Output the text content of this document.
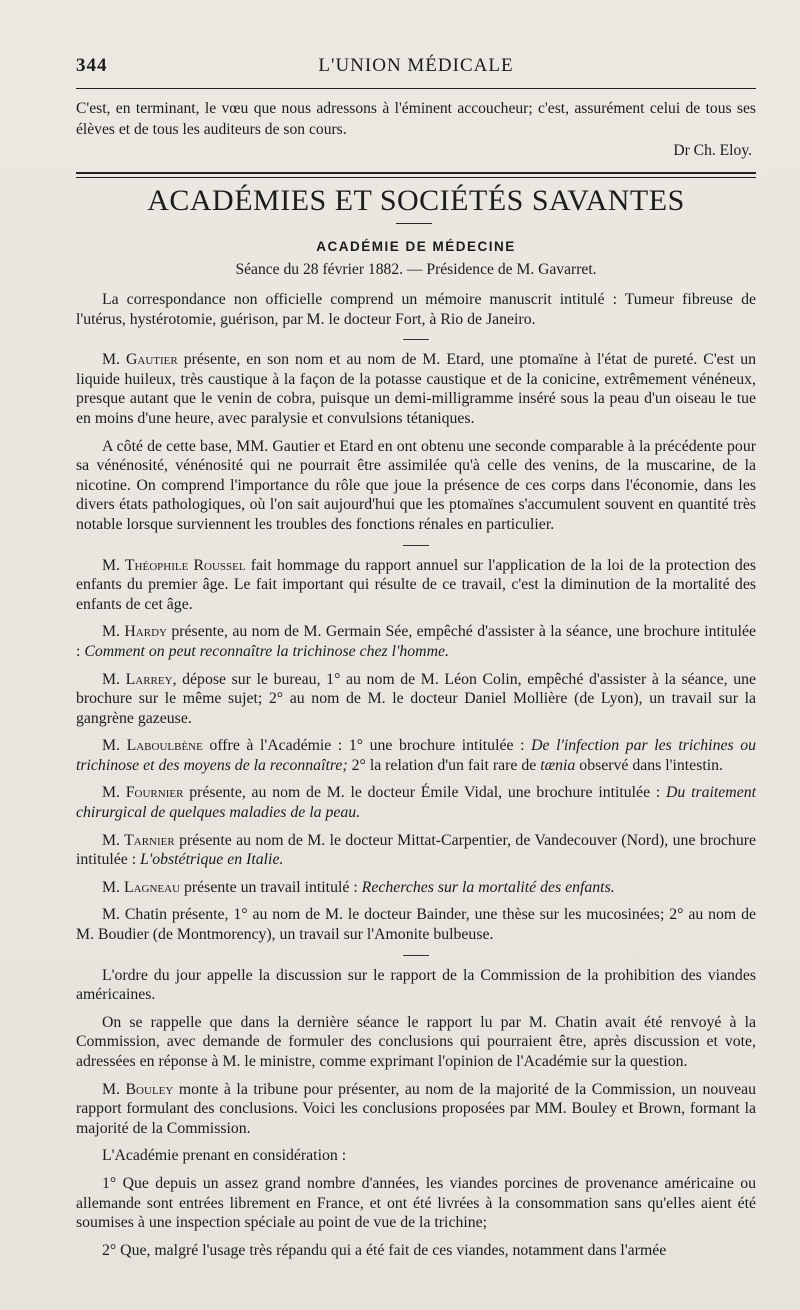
344	L'UNION MÉDICALE
C'est, en terminant, le vœu que nous adressons à l'éminent accoucheur; c'est, assurément celui de tous ses élèves et de tous les auditeurs de son cours.
Dr Ch. Eloy.
ACADÉMIES ET SOCIÉTÉS SAVANTES
ACADÉMIE DE MÉDECINE
Séance du 28 février 1882. — Présidence de M. Gavarret.

La correspondance non officielle comprend un mémoire manuscrit intitulé : Tumeur fibreuse de l'utérus, hystérotomie, guérison, par M. le docteur Fort, à Rio de Janeiro.

M. Gautier présente, en son nom et au nom de M. Etard, une ptomaïne à l'état de pureté. C'est un liquide huileux, très caustique à la façon de la potasse caustique et de la conicine, extrêmement vénéneux, presque autant que le venin de cobra, puisque un demi-milligramme inséré sous la peau d'un oiseau le tue en moins d'une heure, avec paralysie et convulsions tétaniques.

A côté de cette base, MM. Gautier et Etard en ont obtenu une seconde comparable à la précédente pour sa vénénosité, vénénosité qui ne pourrait être assimilée qu'à celle des venins, de la muscarine, de la nicotine. On comprend l'importance du rôle que joue la présence de ces corps dans l'économie, dans les divers états pathologiques, où l'on sait aujourd'hui que les ptomaïnes s'accumulent souvent en quantité très notable lorsque surviennent les troubles des fonctions rénales en particulier.

M. Théophile Roussel fait hommage du rapport annuel sur l'application de la loi de la protection des enfants du premier âge. Le fait important qui résulte de ce travail, c'est la diminution de la mortalité des enfants de cet âge.

M. Hardy présente, au nom de M. Germain Sée, empêché d'assister à la séance, une brochure intitulée : Comment on peut reconnaître la trichinose chez l'homme.

M. Larrey, dépose sur le bureau, 1° au nom de M. Léon Colin, empêché d'assister à la séance, une brochure sur le même sujet; 2° au nom de M. le docteur Daniel Mollière (de Lyon), un travail sur la gangrène gazeuse.

M. Laboulbène offre à l'Académie : 1° une brochure intitulée : De l'infection par les trichines ou trichinose et des moyens de la reconnaître; 2° la relation d'un fait rare de tænia observé dans l'intestin.

M. Fournier présente, au nom de M. le docteur Émile Vidal, une brochure intitulée : Du traitement chirurgical de quelques maladies de la peau.

M. Tarnier présente au nom de M. le docteur Mittat-Carpentier, de Vandecouver (Nord), une brochure intitulée : L'obstétrique en Italie.

M. Lagneau présente un travail intitulé : Recherches sur la mortalité des enfants.

M. Chatin présente, 1° au nom de M. le docteur Bainder, une thèse sur les mucosinées; 2° au nom de M. Boudier (de Montmorency), un travail sur l'Amonite bulbeuse.

L'ordre du jour appelle la discussion sur le rapport de la Commission de la prohibition des viandes américaines.

On se rappelle que dans la dernière séance le rapport lu par M. Chatin avait été renvoyé à la Commission, avec demande de formuler des conclusions qui pourraient être, après discussion et vote, adressées en réponse à M. le ministre, comme exprimant l'opinion de l'Académie sur la question.

M. Bouley monte à la tribune pour présenter, au nom de la majorité de la Commission, un nouveau rapport formulant des conclusions. Voici les conclusions proposées par MM. Bouley et Brown, formant la majorité de la Commission.

L'Académie prenant en considération :

1° Que depuis un assez grand nombre d'années, les viandes porcines de provenance américaine ou allemande sont entrées librement en France, et ont été livrées à la consommation sans qu'elles aient été soumises à une inspection spéciale au point de vue de la trichine;

2° Que, malgré l'usage très répandu qui a été fait de ces viandes, notamment dans l'armée
